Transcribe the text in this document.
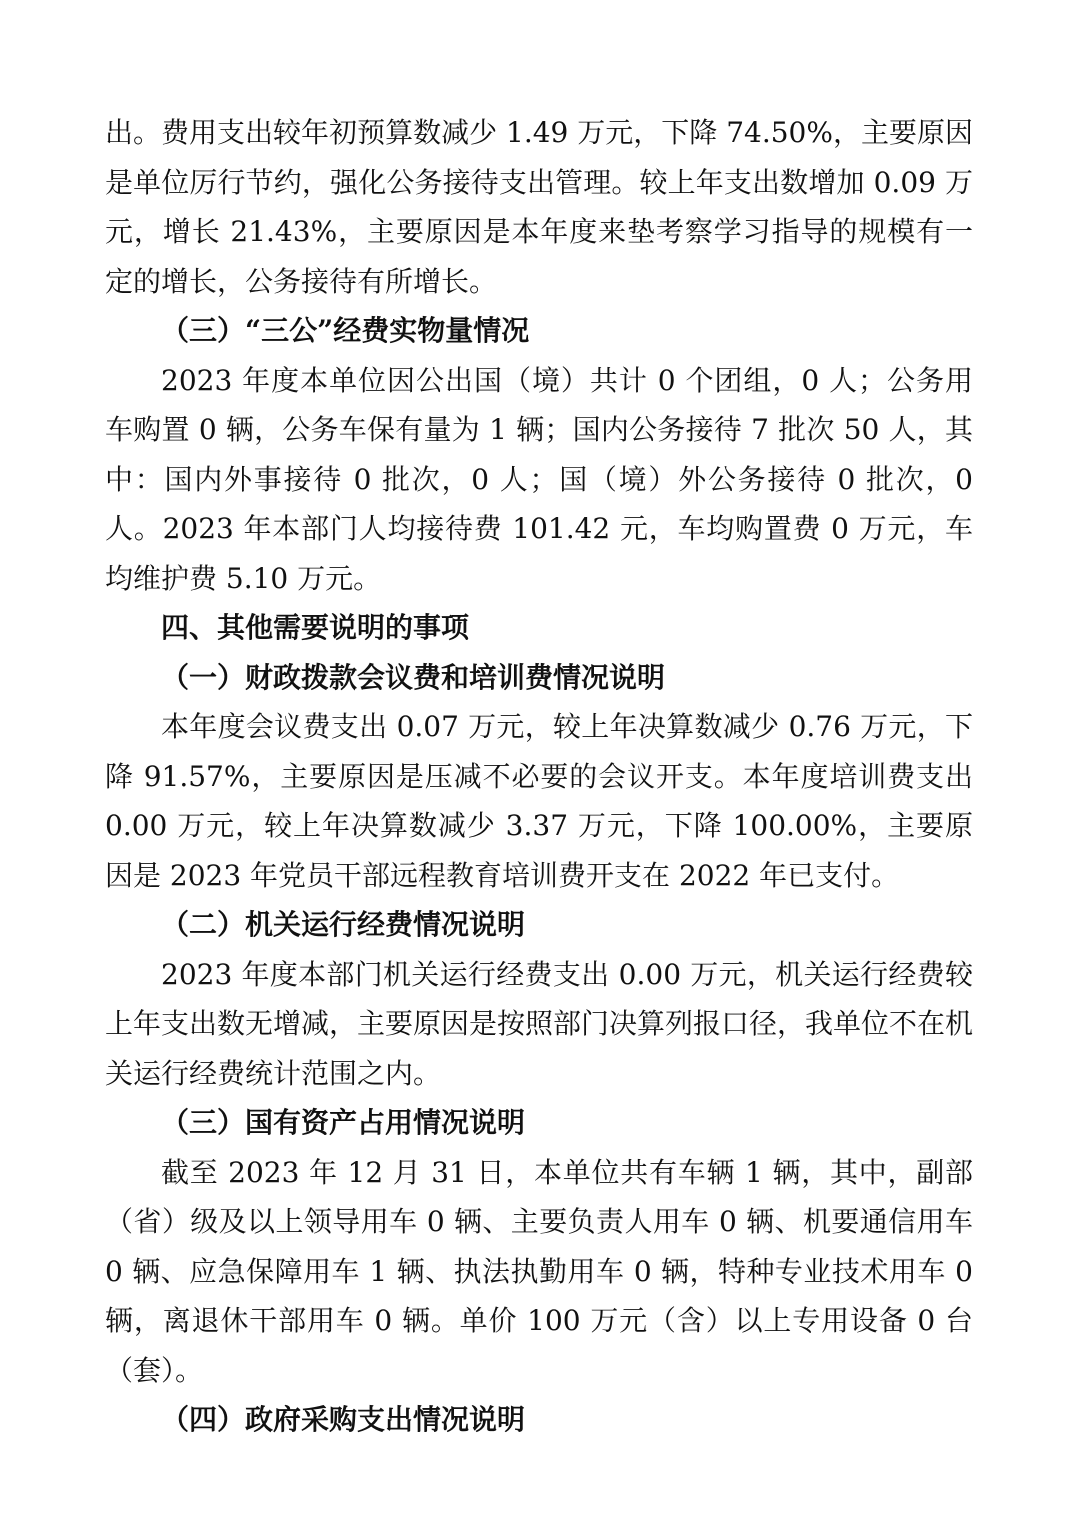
出。费用支出较年初预算数减少 1.49 万元，下降 74.50%，主要原因是单位厉行节约，强化公务接待支出管理。较上年支出数增加 0.09 万元，增长 21.43%，主要原因是本年度来垫考察学习指导的规模有一定的增长，公务接待有所增长。

（三）“三公”经费实物量情况

2023 年度本单位因公出国（境）共计 0 个团组，0 人；公务用车购置 0 辆，公务车保有量为 1 辆；国内公务接待 7 批次 50 人，其中：国内外事接待 0 批次，0 人；国（境）外公务接待 0 批次，0 人。2023 年本部门人均接待费 101.42 元，车均购置费 0 万元，车均维护费 5.10 万元。

四、其他需要说明的事项
（一）财政拨款会议费和培训费情况说明

本年度会议费支出 0.07 万元，较上年决算数减少 0.76 万元，下降 91.57%，主要原因是压减不必要的会议开支。本年度培训费支出 0.00 万元，较上年决算数减少 3.37 万元，下降 100.00%，主要原因是 2023 年党员干部远程教育培训费开支在 2022 年已支付。

（二）机关运行经费情况说明

2023 年度本部门机关运行经费支出 0.00 万元，机关运行经费较上年支出数无增减，主要原因是按照部门决算列报口径，我单位不在机关运行经费统计范围之内。

（三）国有资产占用情况说明

截至 2023 年 12 月 31 日，本单位共有车辆 1 辆，其中，副部（省）级及以上领导用车 0 辆、主要负责人用车 0 辆、机要通信用车 0 辆、应急保障用车 1 辆、执法执勤用车 0 辆，特种专业技术用车 0 辆，离退休干部用车 0 辆。单价 100 万元（含）以上专用设备 0 台（套）。

（四）政府采购支出情况说明
